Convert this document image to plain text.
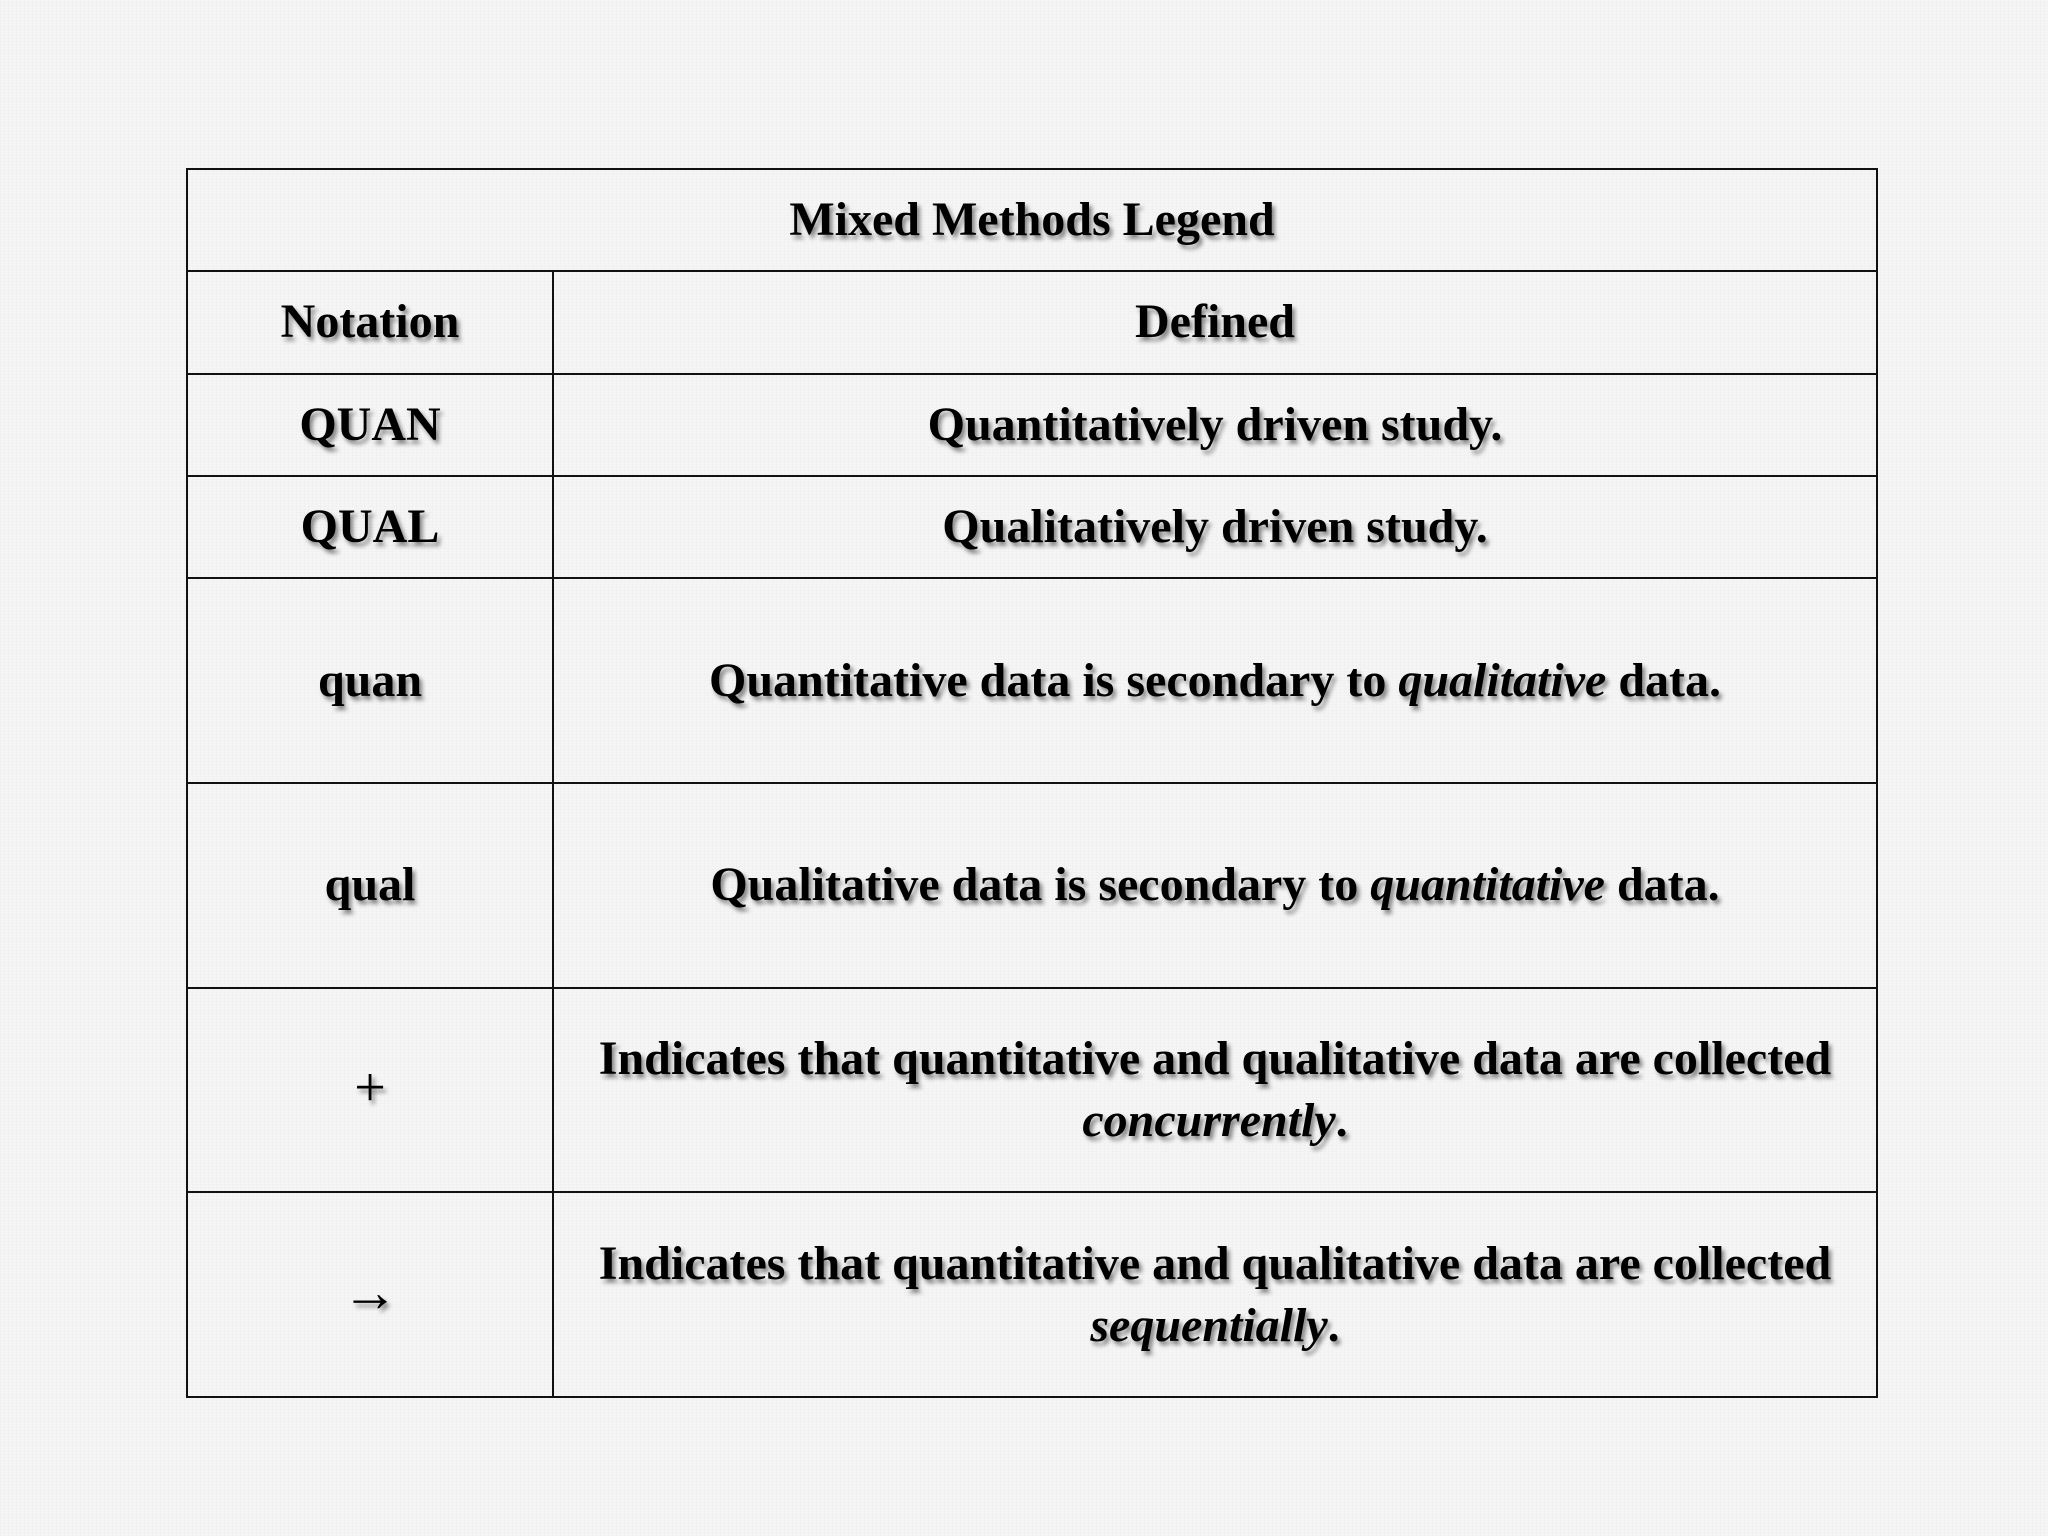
Mixed Methods Legend	
Notation	Defined
QUAN	Quantitatively driven study.
QUAL	Qualitatively driven study.
quan	Quantitative data is secondary to qualitative data.
qual	Qualitative data is secondary to quantitative data.
+	Indicates that quantitative and qualitative data are collected concurrently.
→	Indicates that quantitative and qualitative data are collected sequentially.
